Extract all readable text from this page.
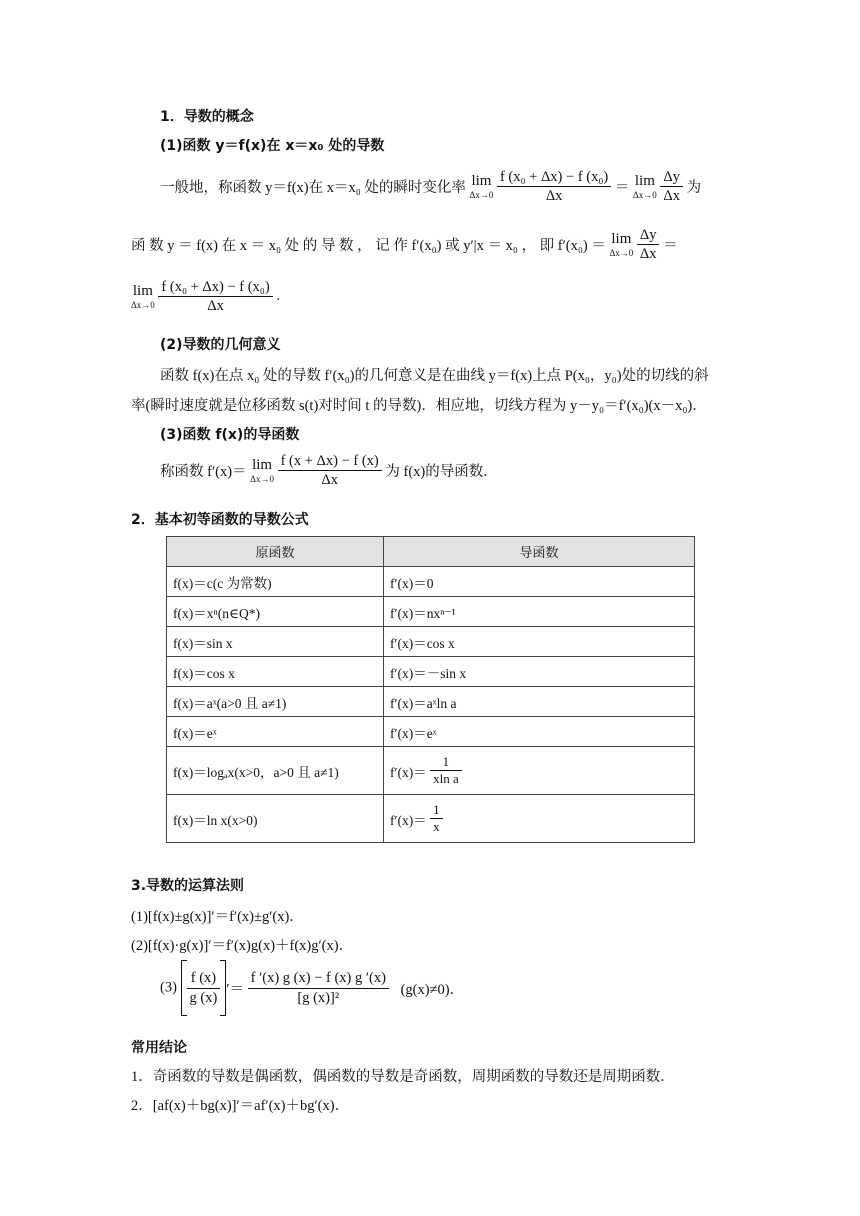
1．导数的概念
(1)函数 y＝f(x)在 x＝x₀ 处的导数
一般地，称函数 y＝f(x)在 x＝x₀ 处的瞬时变化率 lim
Δx→0
$\frac{\text{f (x₀ + Δx) − f (x₀)}}{\Delta x} = \lim$
Δx→0
$\frac{\Delta y}{\Delta x}$ 为
函 数 y ＝ f(x) 在 x ＝ x₀ 处 的 导 数 ， 记 作 f′(x₀) 或 y′|x ＝ x₀ ， 即 f′(x₀) ＝ lim
Δx→0
$\frac{\Delta y}{\Delta x}$ ＝
lim
Δx→0
$\frac{\text{f (x₀ + Δx) − f (x₀)}}{\Delta x}$ .
(2)导数的几何意义
函数 f(x)在点 x₀ 处的导数 f′(x₀)的几何意义是在曲线 y＝f(x)上点 P(x₀，y₀)处的切线的斜
率(瞬时速度就是位移函数 s(t)对时间 t 的导数)．相应地，切线方程为 y－y₀＝f′(x₀)(x－x₀)．
(3)函数 f(x)的导函数
称函数 f′(x)＝ lim
Δx→0
$\frac{f (x + \Delta x) - f (x)}{\Delta x}$ 为 f(x)的导函数．
2．基本初等函数的导数公式
原函数	导函数
f(x)＝c(c 为常数)	f′(x)＝0
f(x)＝xⁿ(n∈Q*)	f′(x)＝nxⁿ⁻¹
f(x)＝sin x	f′(x)＝cos x
f(x)＝cos x	f′(x)＝－sin x
f(x)＝aˣ(a>0 且 a≠1)	f′(x)＝aˣln a
f(x)＝eˣ	f′(x)＝eˣ
f(x)＝logₐx(x>0，a>0 且 a≠1)	$f'(x)= \frac{1}{\text{xln a}}$

f(x)＝ln x(x>0)	$f'(x)= \frac{1}{x}$
3.导数的运算法则
(1)[f(x)±g(x)]′＝f′(x)±g′(x)．
(2)[f(x)·g(x)]′＝f′(x)g(x)＋f(x)g′(x)．
$(3) \frac{f (x)}{g (x)}$ ′＝ $\frac{f '(x) g (x) - f (x) g '(x)}{\text{[g (x)]²}} (g(x)\ne 0)$．
常用结论
1．奇函数的导数是偶函数，偶函数的导数是奇函数，周期函数的导数还是周期函数．
2．[af(x)＋bg(x)]′＝af′(x)＋bg′(x)．
